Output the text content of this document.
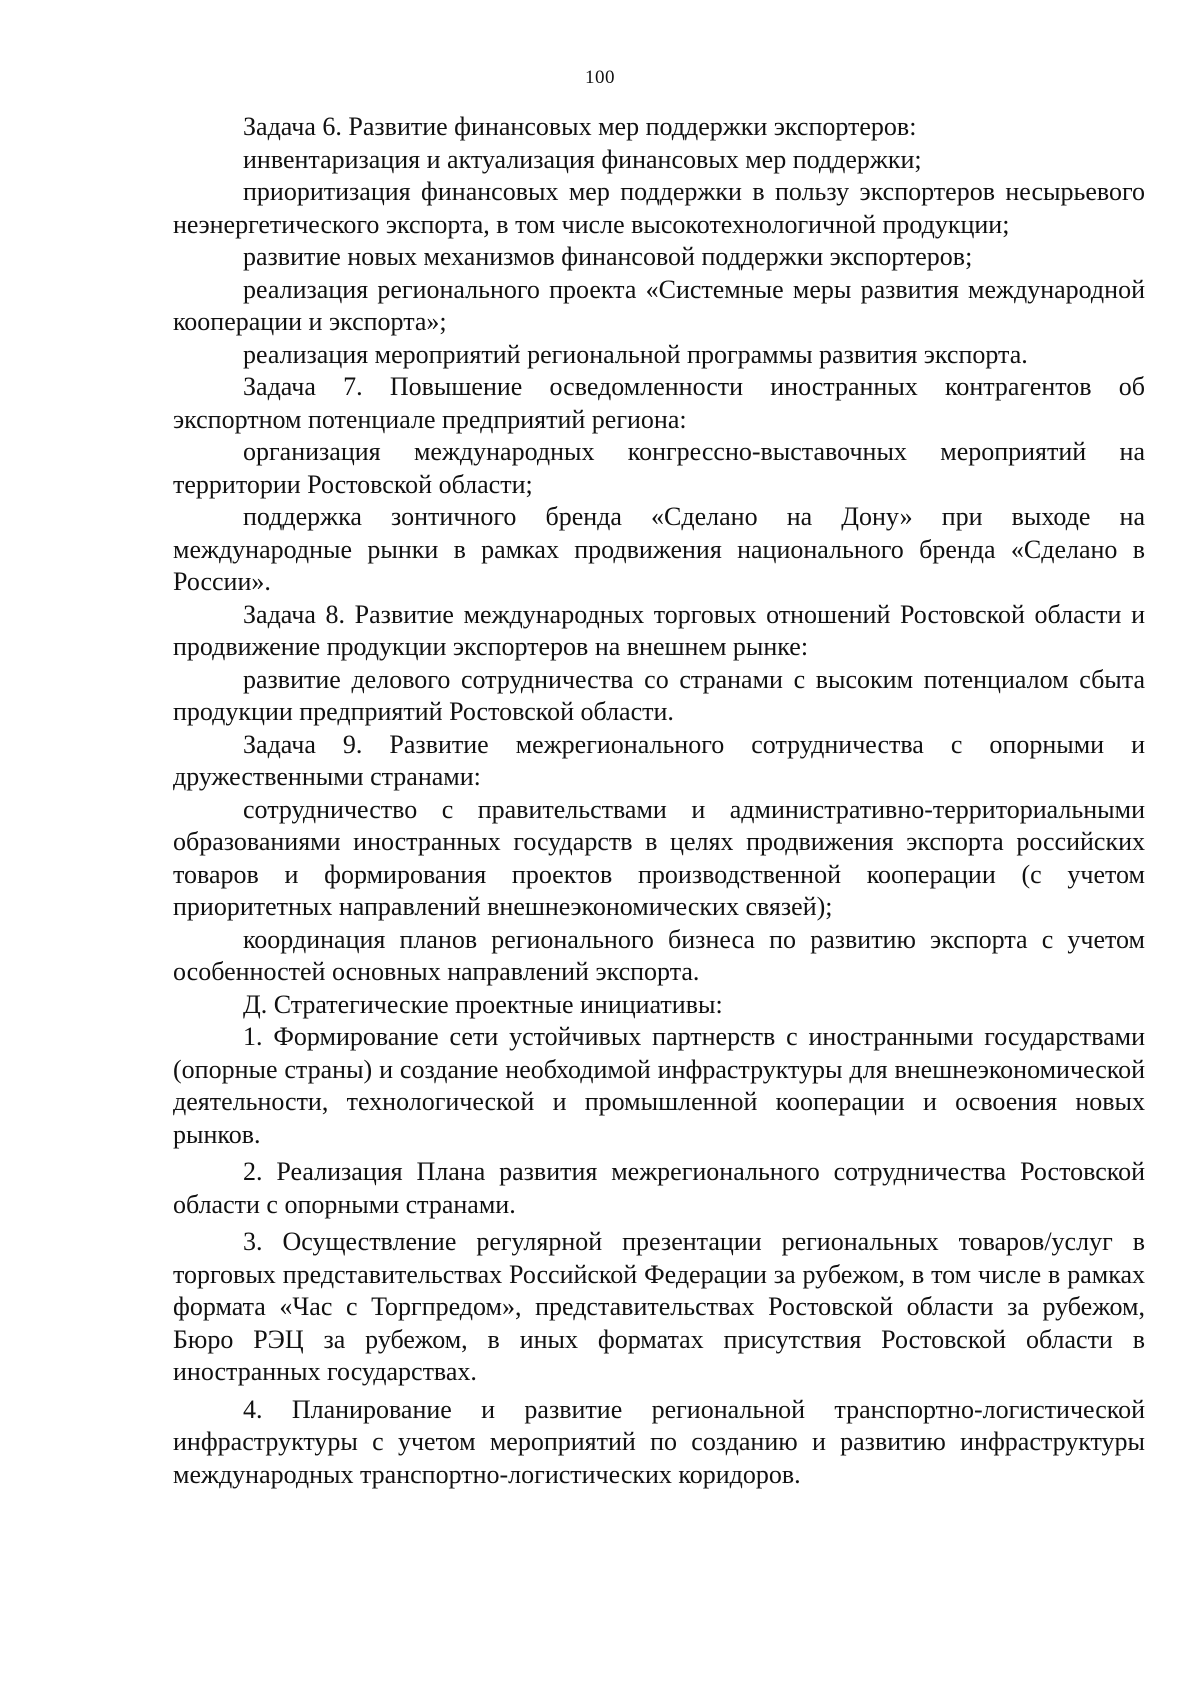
100

Задача 6. Развитие финансовых мер поддержки экспортеров:

инвентаризация и актуализация финансовых мер поддержки;

приоритизация финансовых мер поддержки в пользу экспортеров несырьевого неэнергетического экспорта, в том числе высокотехнологичной продукции;

развитие новых механизмов финансовой поддержки экспортеров;

реализация регионального проекта «Системные меры развития международной кооперации и экспорта»;

реализация мероприятий региональной программы развития экспорта.

Задача 7. Повышение осведомленности иностранных контрагентов об экспортном потенциале предприятий региона:

организация международных конгрессно-выставочных мероприятий на территории Ростовской области;

поддержка зонтичного бренда «Сделано на Дону» при выходе на международные рынки в рамках продвижения национального бренда «Сделано в России».

Задача 8. Развитие международных торговых отношений Ростовской области и продвижение продукции экспортеров на внешнем рынке:

развитие делового сотрудничества со странами с высоким потенциалом сбыта продукции предприятий Ростовской области.

Задача 9. Развитие межрегионального сотрудничества с опорными и дружественными странами:

сотрудничество с правительствами и административно-территориальными образованиями иностранных государств в целях продвижения экспорта российских товаров и формирования проектов производственной кооперации (с учетом приоритетных направлений внешнеэкономических связей);

координация планов регионального бизнеса по развитию экспорта с учетом особенностей основных направлений экспорта.

Д. Стратегические проектные инициативы:

1. Формирование сети устойчивых партнерств с иностранными государствами (опорные страны) и создание необходимой инфраструктуры для внешнеэкономической деятельности, технологической и промышленной кооперации и освоения новых рынков.

2. Реализация Плана развития межрегионального сотрудничества Ростовской области с опорными странами.

3. Осуществление регулярной презентации региональных товаров/услуг в торговых представительствах Российской Федерации за рубежом, в том числе в рамках формата «Час с Торгпредом», представительствах Ростовской области за рубежом, Бюро РЭЦ за рубежом, в иных форматах присутствия Ростовской области в иностранных государствах.

4. Планирование и развитие региональной транспортно-логистической инфраструктуры с учетом мероприятий по созданию и развитию инфраструктуры международных транспортно-логистических коридоров.
